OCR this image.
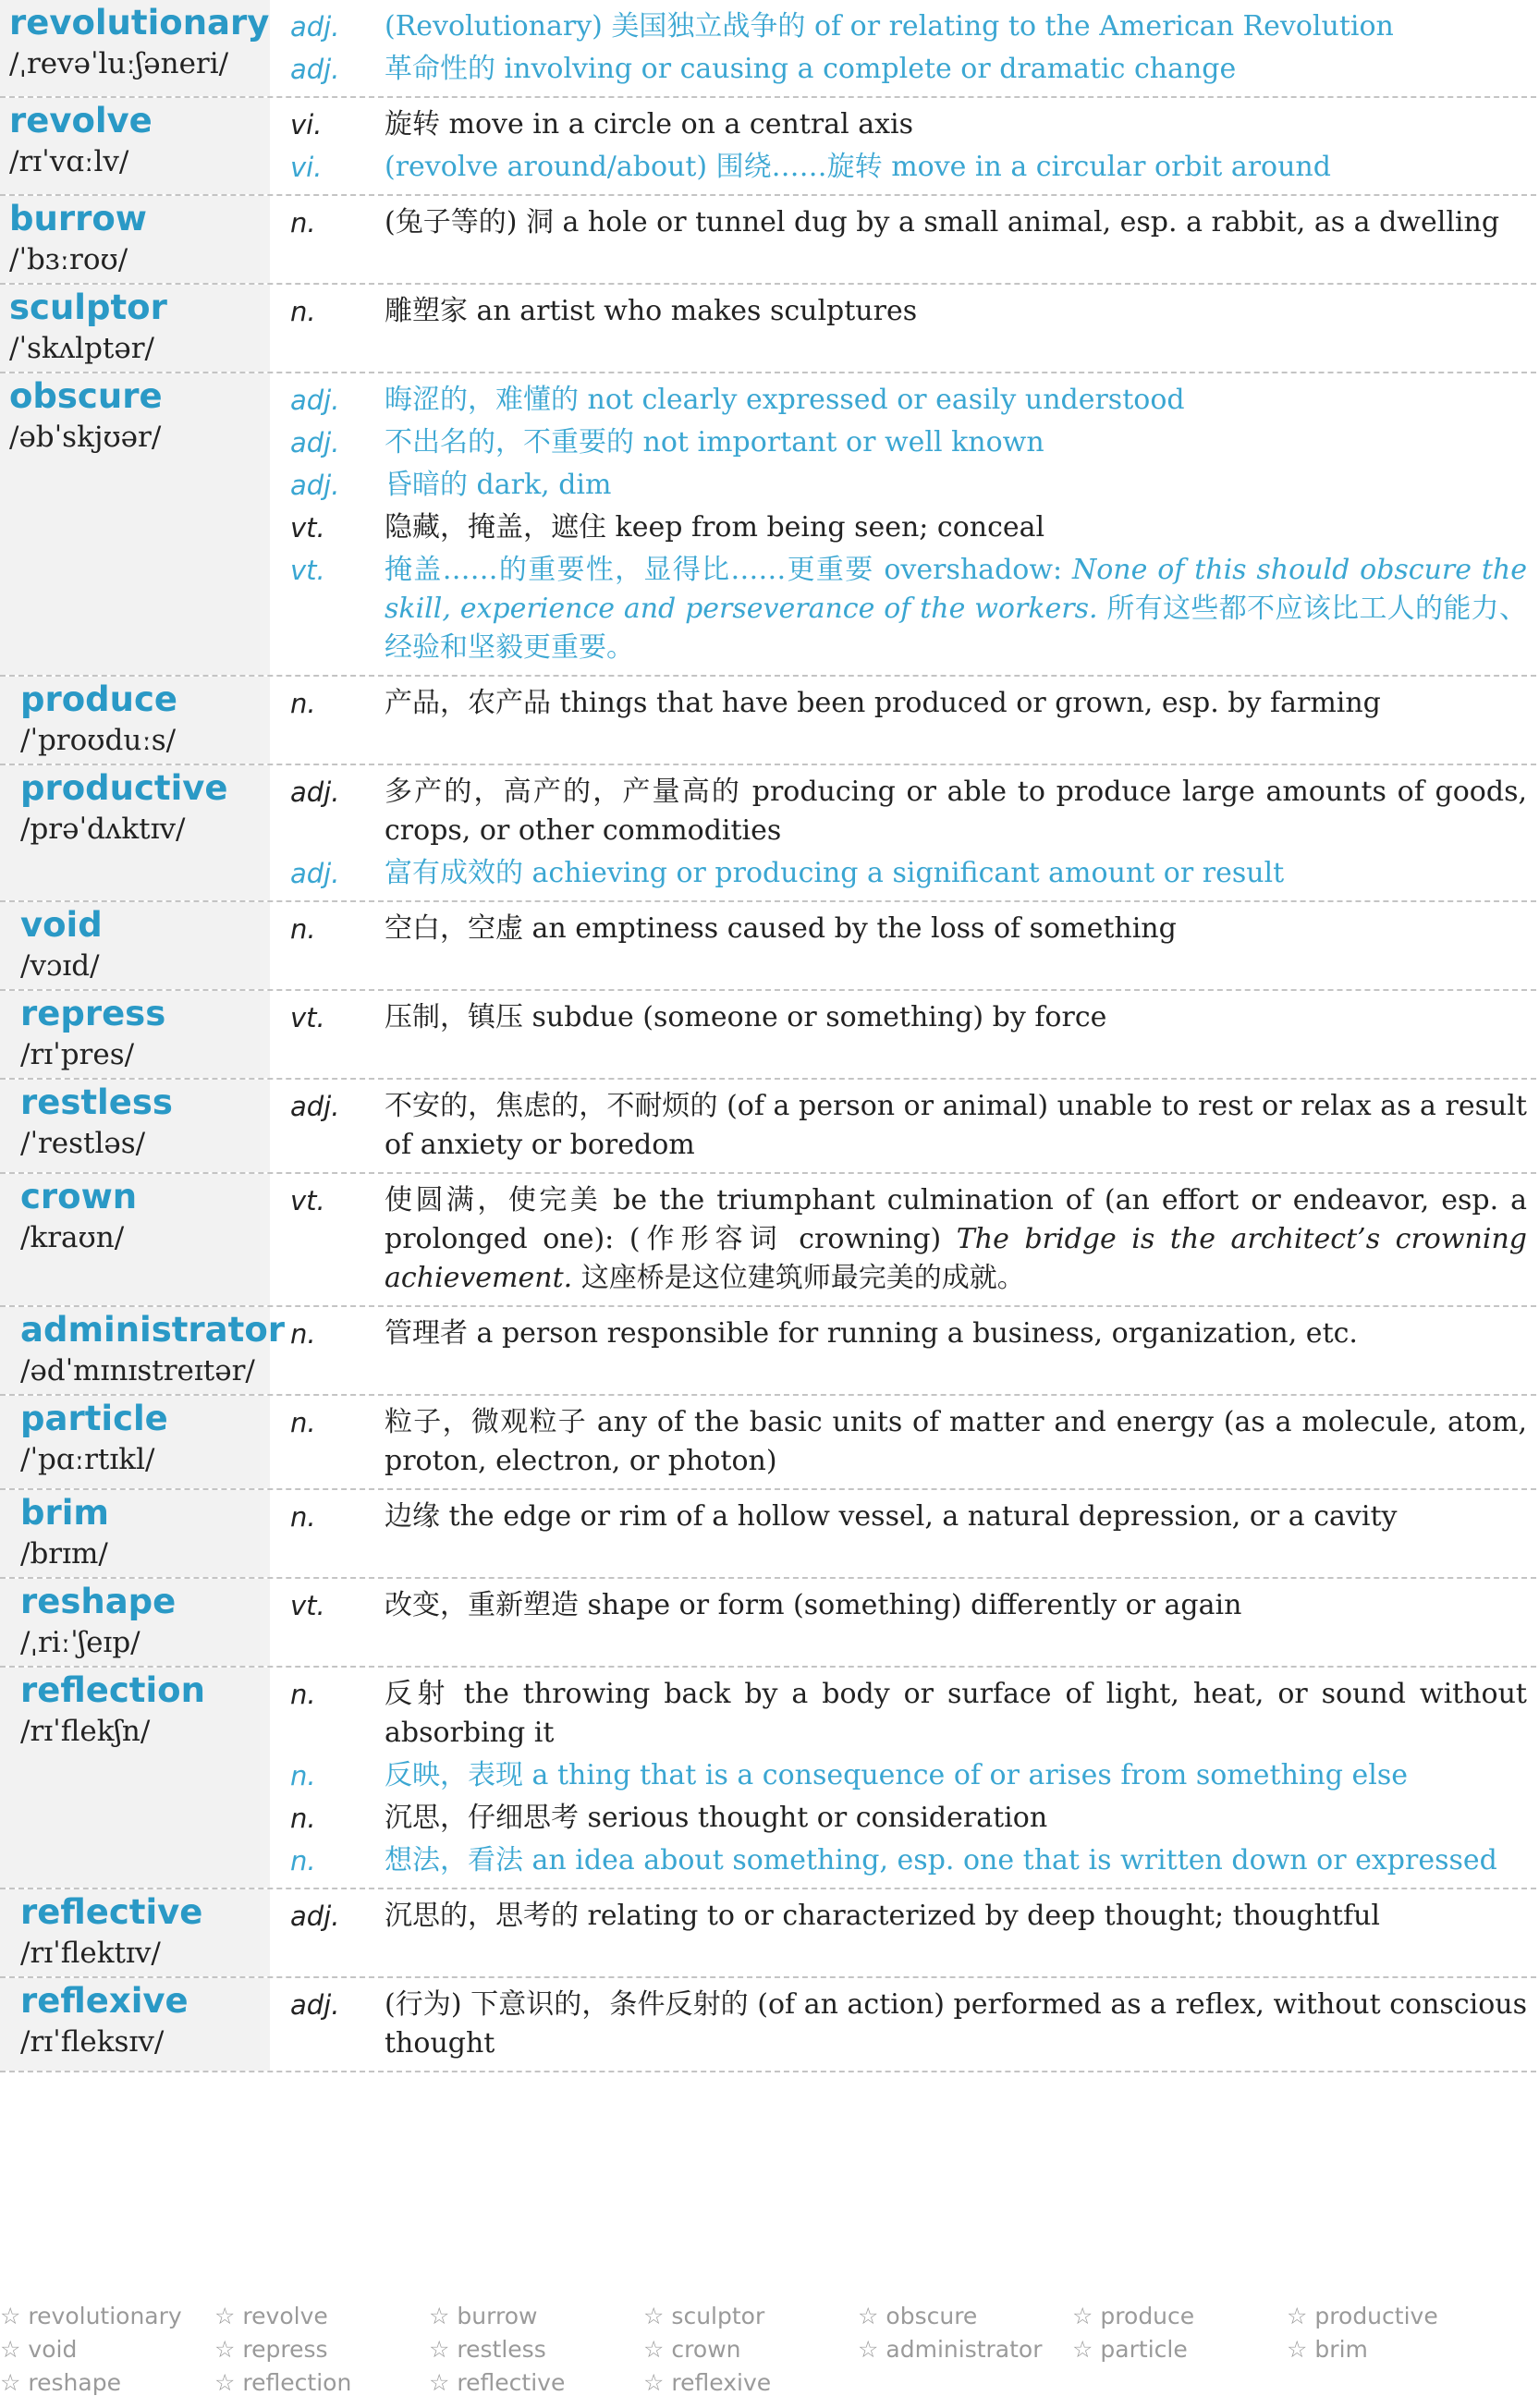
revolutionary
/ˌrevəˈluːʃəneri/
adj.	(Revolutionary) 美国独立战争的 of or relating to the American Revolution
adj.	革命性的 involving or causing a complete or dramatic change
revolve
/rɪˈvɑːlv/
vi.	旋转 move in a circle on a central axis
vi.	(revolve around/about) 围绕……旋转 move in a circular orbit around
burrow
/ˈbɜːroʊ/
n.	(兔子等的) 洞 a hole or tunnel dug by a small animal, esp. a rabbit, as a dwelling
sculptor
/ˈskʌlptər/
n.	雕塑家 an artist who makes sculptures
obscure
/əbˈskjʊər/
adj.	晦涩的，难懂的 not clearly expressed or easily understood
adj.	不出名的，不重要的 not important or well known
adj.	昏暗的 dark, dim
vt.	隐藏，掩盖，遮住 keep from being seen; conceal
vt.	掩盖……的重要性，显得比……更重要 overshadow: None of this should obscure the skill, experience and perseverance of the workers. 所有这些都不应该比工人的能力、经验和坚毅更重要。
produce
/ˈproʊduːs/
n.	产品，农产品 things that have been produced or grown, esp. by farming
productive
/prəˈdʌktɪv/
adj.	多产的，高产的，产量高的 producing or able to produce large amounts of goods, crops, or other commodities
adj.	富有成效的 achieving or producing a significant amount or result
void
/vɔɪd/
n.	空白，空虚 an emptiness caused by the loss of something
repress
/rɪˈpres/
vt.	压制，镇压 subdue (someone or something) by force
restless
/ˈrestləs/
adj.	不安的，焦虑的，不耐烦的 (of a person or animal) unable to rest or relax as a result of anxiety or boredom
crown
/kraʊn/
vt.	使圆满，使完美 be the triumphant culmination of (an effort or endeavor, esp. a prolonged one): (作形容词 crowning) The bridge is the architect’s crowning achievement. 这座桥是这位建筑师最完美的成就。
administrator
/ədˈmɪnɪstreɪtər/
n.	管理者 a person responsible for running a business, organization, etc.
particle
/ˈpɑːrtɪkl/
n.	粒子，微观粒子 any of the basic units of matter and energy (as a molecule, atom, proton, electron, or photon)
brim
/brɪm/
n.	边缘 the edge or rim of a hollow vessel, a natural depression, or a cavity
reshape
/ˌriːˈʃeɪp/
vt.	改变，重新塑造 shape or form (something) differently or again
reflection
/rɪˈflekʃn/
n.	反射 the throwing back by a body or surface of light, heat, or sound without absorbing it
n.	反映，表现 a thing that is a consequence of or arises from something else
n.	沉思，仔细思考 serious thought or consideration
n.	想法，看法 an idea about something, esp. one that is written down or expressed
reflective
/rɪˈflektɪv/
adj.	沉思的，思考的 relating to or characterized by deep thought; thoughtful
reflexive
/rɪˈfleksɪv/
adj.	(行为) 下意识的，条件反射的 (of an action) performed as a reflex, without conscious thought
☆ revolutionary	☆ revolve	☆ burrow	☆ sculptor	☆ obscure	☆ produce	☆ productive
☆ void	☆ repress	☆ restless	☆ crown	☆ administrator	☆ particle	☆ brim
☆ reshape	☆ reflection	☆ reflective	☆ reflexive
